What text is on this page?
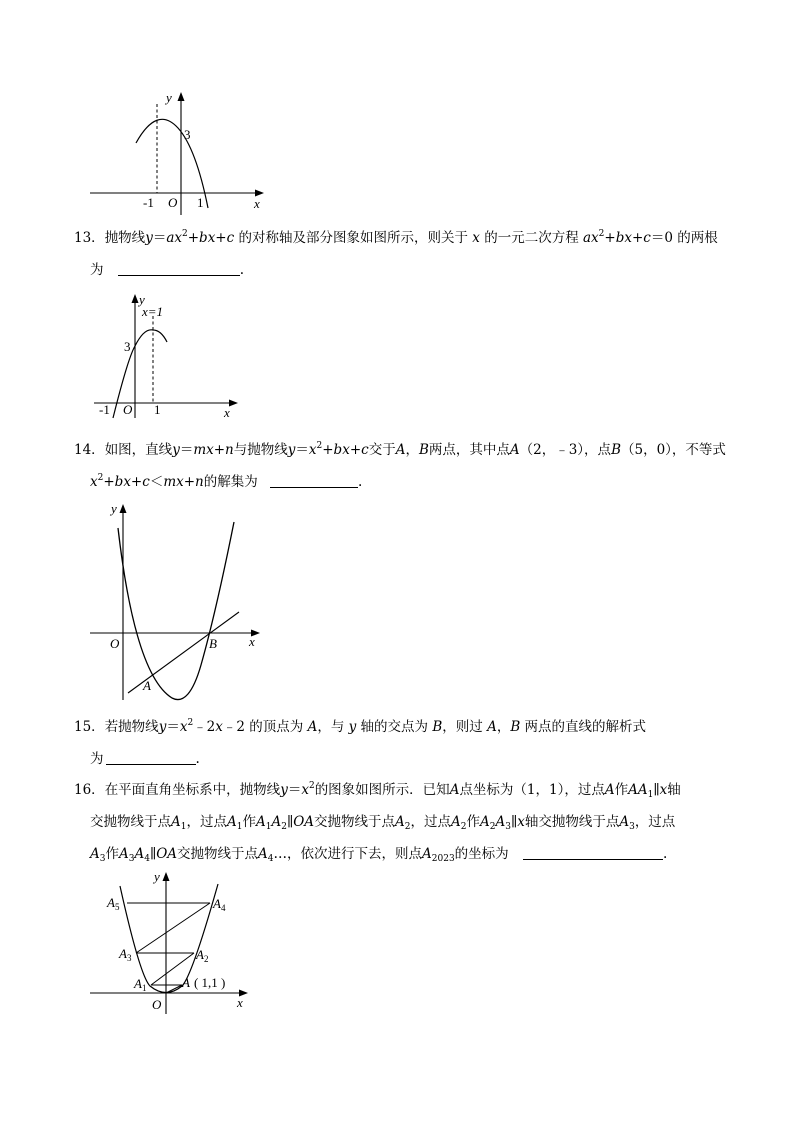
y
x
O
-1	1
3
13．抛物线$y=ax^2+bx+c$ 的对称轴及部分图象如图所示，则关于 x 的一元二次方程 $ax^2+bx+c=0$ 的两根
为	.
y
x=1
x
O
-1	1
3
14．如图，直线y＝mx+n与抛物线$y=x^2+bx+c$交于A，B两点，其中点A（2，﹣3），点B（5，0），不等式
$x^2+bx+c<mx+n$的解集为	.
y
x
O
A
B
15．若抛物线$y=x^2﹣2x﹣2$ 的顶点为 A，与 y 轴的交点为 B，则过 A，B 两点的直线的解析式
为	.
16．在平面直角坐标系中，抛物线$y=x^2$的图象如图所示．已知A点坐标为（1，1），过点A作$AA_1\parallel x$轴
交抛物线于点$A_1$，过点$A_1$作$A_1A_2\parallel OA$交抛物线于点$A_2$，过点$A_2$作$A_2A_3\parallel x$轴交抛物线于点$A_3$，过点
$A_3$作$A_3A_4\parallel OA$交抛物线于点$A_4\dots$，依次进行下去，则点$A_{2023}$的坐标为	.
y
x
O
A ( 1,1 )
$A_1$
$A_2$
$A_3$
$A_4$
$A_5$
